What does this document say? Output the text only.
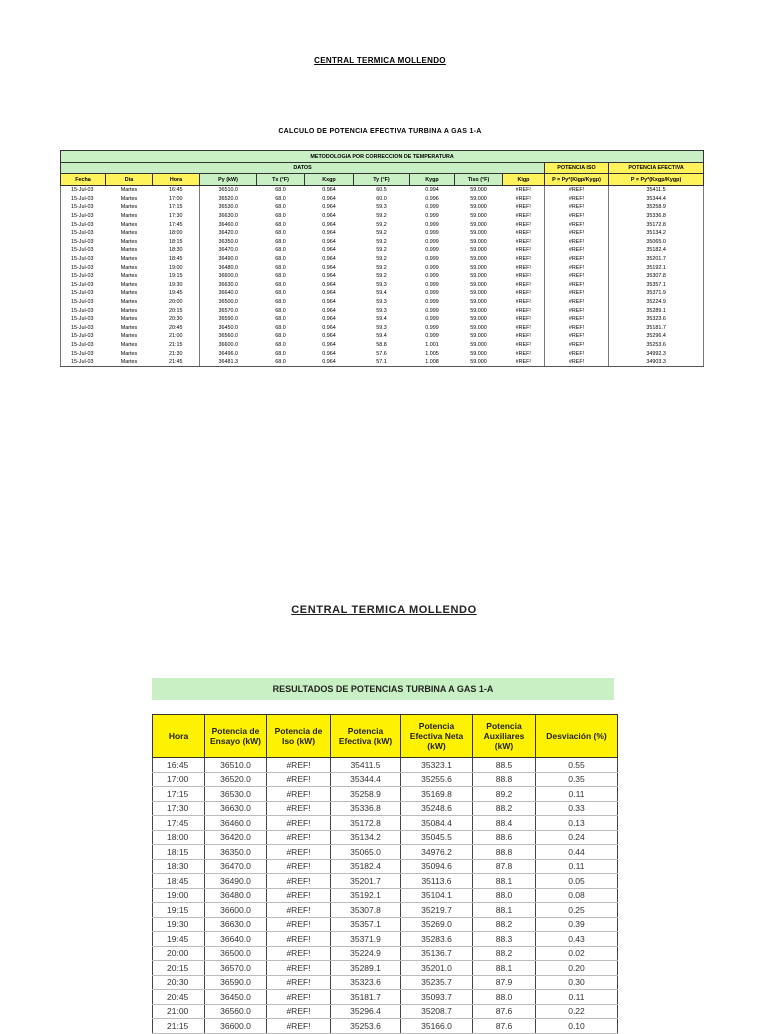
CENTRAL TERMICA MOLLENDO
CALCULO DE POTENCIA EFECTIVA TURBINA A GAS 1-A
METODOLOGIA POR CORRECCION DE TEMPERATURA											
DATOS										POTENCIA ISO	POTENCIA EFECTIVA
Fecha	Dia	Hora	Py (kW)	Tx (°F)	Kxgp	Ty (°F)	Kygp	Tiso (°F)	Kigp	P = Py*(Kigp/Kygp)	P = Py*(Kxgp/Kygp)
15-Jul-03	Martes	16:45	36510.0	68.0	0.964	60.5	0.994	59.000	#REF!	#REF!	35411.5
15-Jul-03	Martes	17:00	36520.0	68.0	0.964	60.0	0.996	59.000	#REF!	#REF!	35344.4
15-Jul-03	Martes	17:15	36530.0	68.0	0.964	59.3	0.999	59.000	#REF!	#REF!	35258.9
15-Jul-03	Martes	17:30	36630.0	68.0	0.964	59.2	0.999	59.000	#REF!	#REF!	35336.8
15-Jul-03	Martes	17:45	36460.0	68.0	0.964	59.2	0.999	59.000	#REF!	#REF!	35172.8
15-Jul-03	Martes	18:00	36420.0	68.0	0.964	59.2	0.999	59.000	#REF!	#REF!	35134.2
15-Jul-03	Martes	18:15	36350.0	68.0	0.964	59.2	0.999	59.000	#REF!	#REF!	35065.0
15-Jul-03	Martes	18:30	36470.0	68.0	0.964	59.2	0.999	59.000	#REF!	#REF!	35182.4
15-Jul-03	Martes	18:45	36490.0	68.0	0.964	59.2	0.999	59.000	#REF!	#REF!	35201.7
15-Jul-03	Martes	19:00	36480.0	68.0	0.964	59.2	0.999	59.000	#REF!	#REF!	35192.1
15-Jul-03	Martes	19:15	36600.0	68.0	0.964	59.2	0.999	59.000	#REF!	#REF!	35307.8
15-Jul-03	Martes	19:30	36630.0	68.0	0.964	59.3	0.999	59.000	#REF!	#REF!	35357.1
15-Jul-03	Martes	19:45	36640.0	68.0	0.964	59.4	0.999	59.000	#REF!	#REF!	35371.9
15-Jul-03	Martes	20:00	36500.0	68.0	0.964	59.3	0.999	59.000	#REF!	#REF!	35224.9
15-Jul-03	Martes	20:15	36570.0	68.0	0.964	59.3	0.999	59.000	#REF!	#REF!	35289.1
15-Jul-03	Martes	20:30	36590.0	68.0	0.964	59.4	0.999	59.000	#REF!	#REF!	35323.6
15-Jul-03	Martes	20:45	36450.0	68.0	0.964	59.3	0.999	59.000	#REF!	#REF!	35181.7
15-Jul-03	Martes	21:00	36560.0	68.0	0.964	59.4	0.999	59.000	#REF!	#REF!	35296.4
15-Jul-03	Martes	21:15	36600.0	68.0	0.964	58.8	1.001	59.000	#REF!	#REF!	35253.6
15-Jul-03	Martes	21:30	36496.0	68.0	0.964	57.6	1.005	59.000	#REF!	#REF!	34992.3
15-Jul-03	Martes	21:45	36481.3	68.0	0.964	57.1	1.008	59.000	#REF!	#REF!	34903.3
CENTRAL TERMICA MOLLENDO
RESULTADOS DE POTENCIAS TURBINA A GAS 1-A
Hora	Potencia de Ensayo (kW)	Potencia de Iso (kW)	Potencia Efectiva (kW)	Potencia Efectiva Neta (kW)	Potencia Auxiliares (kW)	Desviación (%)
16:45	36510.0	#REF!	35411.5	35323.1	88.5	0.55
17:00	36520.0	#REF!	35344.4	35255.6	88.8	0.35
17:15	36530.0	#REF!	35258.9	35169.8	89.2	0.11
17:30	36630.0	#REF!	35336.8	35248.6	88.2	0.33
17:45	36460.0	#REF!	35172.8	35084.4	88.4	0.13
18:00	36420.0	#REF!	35134.2	35045.5	88.6	0.24
18:15	36350.0	#REF!	35065.0	34976.2	88.8	0.44
18:30	36470.0	#REF!	35182.4	35094.6	87.8	0.11
18:45	36490.0	#REF!	35201.7	35113.6	88.1	0.05
19:00	36480.0	#REF!	35192.1	35104.1	88.0	0.08
19:15	36600.0	#REF!	35307.8	35219.7	88.1	0.25
19:30	36630.0	#REF!	35357.1	35269.0	88.2	0.39
19:45	36640.0	#REF!	35371.9	35283.6	88.3	0.43
20:00	36500.0	#REF!	35224.9	35136.7	88.2	0.02
20:15	36570.0	#REF!	35289.1	35201.0	88.1	0.20
20:30	36590.0	#REF!	35323.6	35235.7	87.9	0.30
20:45	36450.0	#REF!	35181.7	35093.7	88.0	0.11
21:00	36560.0	#REF!	35296.4	35208.7	87.6	0.22
21:15	36600.0	#REF!	35253.6	35166.0	87.6	0.10
